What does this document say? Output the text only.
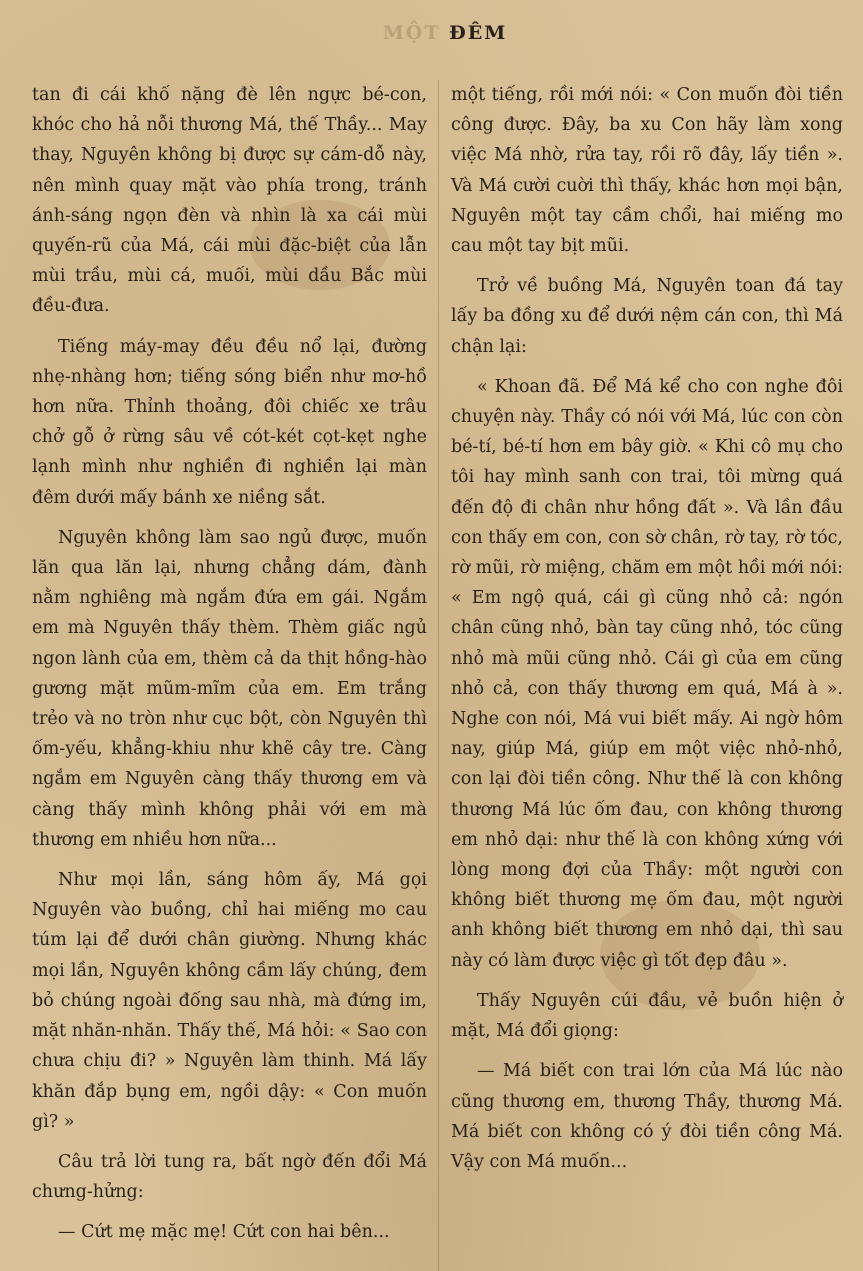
MỘT ĐÊM

tan đi cái khố nặng đè lên ngực bé-con, khóc cho hả nỗi thương Má, thế Thầy... May thay, Nguyên không bị được sự cám-dỗ này, nên mình quay mặt vào phía trong, tránh ánh-sáng ngọn đèn và nhìn là xa cái mùi quyến-rũ của Má, cái mùi đặc-biệt của lẫn mùi trầu, mùi cá, muối, mùi dầu Bắc mùi đều-đưa.

Tiếng máy-may đều đều nổ lại, đường nhẹ-nhàng hơn; tiếng sóng biển như mơ-hồ hơn nữa. Thỉnh thoảng, đôi chiếc xe trâu chở gỗ ở rừng sâu về cót-két cọt-kẹt nghe lạnh mình như nghiền đi nghiền lại màn đêm dưới mấy bánh xe niềng sắt.

Nguyên không làm sao ngủ được, muốn lăn qua lăn lại, nhưng chẳng dám, đành nằm nghiêng mà ngắm đứa em gái. Ngắm em mà Nguyên thấy thèm. Thèm giấc ngủ ngon lành của em, thèm cả da thịt hồng-hào gương mặt mũm-mĩm của em. Em trắng trẻo và no tròn như cục bột, còn Nguyên thì ốm-yếu, khẳng-khiu như khẽ cây tre. Càng ngắm em Nguyên càng thấy thương em và càng thấy mình không phải với em mà thương em nhiều hơn nữa...

Như mọi lần, sáng hôm ấy, Má gọi Nguyên vào buồng, chỉ hai miếng mo cau túm lại để dưới chân giường. Nhưng khác mọi lần, Nguyên không cầm lấy chúng, đem bỏ chúng ngoài đống sau nhà, mà đứng im, mặt nhăn-nhăn. Thấy thế, Má hỏi: « Sao con chưa chịu đi? » Nguyên làm thinh. Má lấy khăn đắp bụng em, ngồi dậy: « Con muốn gì? »

Câu trả lời tung ra, bất ngờ đến đổi Má chưng-hửng:

— Cứt mẹ mặc mẹ! Cứt con hai bên...

một tiếng, rồi mới nói: « Con muốn đòi tiền công được. Đây, ba xu Con hãy làm xong việc Má nhờ, rửa tay, rồi rõ đây, lấy tiền ». Và Má cười cuời thì thấy, khác hơn mọi bận, Nguyên một tay cầm chổi, hai miếng mo cau một tay bịt mũi.

Trở về buồng Má, Nguyên toan đá tay lấy ba đồng xu để dưới nệm cán con, thì Má chận lại:

« Khoan đã. Để Má kể cho con nghe đôi chuyện này. Thầy có nói với Má, lúc con còn bé-tí, bé-tí hơn em bây giờ. « Khi cô mụ cho tôi hay mình sanh con trai, tôi mừng quá đến độ đi chân như hồng đất ». Và lần đầu con thấy em con, con sờ chân, rờ tay, rờ tóc, rờ mũi, rờ miệng, chăm em một hồi mới nói: « Em ngộ quá, cái gì cũng nhỏ cả: ngón chân cũng nhỏ, bàn tay cũng nhỏ, tóc cũng nhỏ mà mũi cũng nhỏ. Cái gì của em cũng nhỏ cả, con thấy thương em quá, Má à ». Nghe con nói, Má vui biết mấy. Ai ngờ hôm nay, giúp Má, giúp em một việc nhỏ-nhỏ, con lại đòi tiền công. Như thế là con không thương Má lúc ốm đau, con không thương em nhỏ dại: như thế là con không xứng với lòng mong đợi của Thầy: một người con không biết thương mẹ ốm đau, một người anh không biết thương em nhỏ dại, thì sau này có làm được việc gì tốt đẹp đâu ».

Thấy Nguyên cúi đầu, vẻ buồn hiện ở mặt, Má đổi giọng:

— Má biết con trai lớn của Má lúc nào cũng thương em, thương Thầy, thương Má. Má biết con không có ý đòi tiền công Má. Vậy con Má muốn...
